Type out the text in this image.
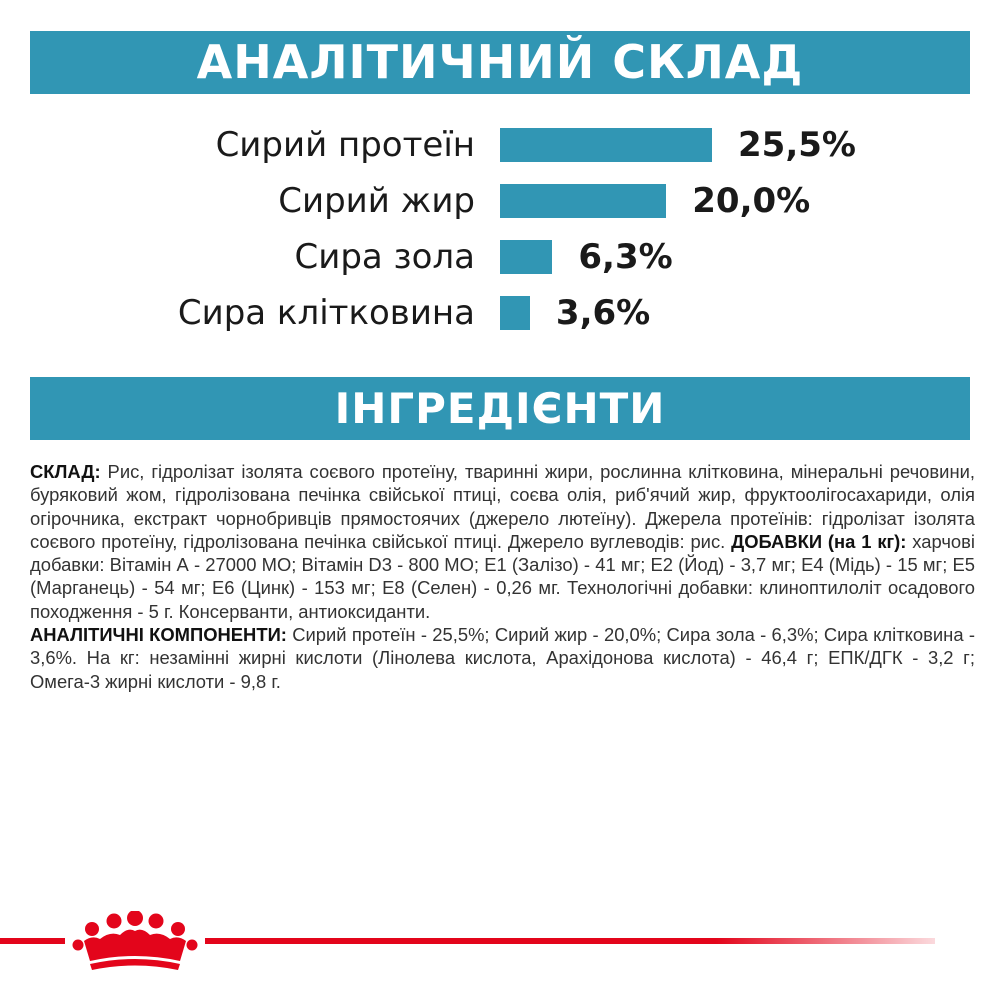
АНАЛІТИЧНИЙ СКЛАД
Сирий протеїн	25,5%
Сирий жир	20,0%
Сира зола	6,3%
Сира клітковина 3,6%
ІНГРЕДІЄНТИ

СКЛАД: Рис, гідролізат ізолята соєвого протеїну, тваринні жири, рослинна клітковина, мінеральні речовини, буряковий жом, гідролізована печінка свійської птиці, соєва олія, риб'ячий жир, фруктоолігосахариди, олія огірочника, екстракт чорнобривців прямостоячих (джерело лютеїну). Джерела протеїнів: гідролізат ізолята соєвого протеїну, гідролізована печінка свійської птиці. Джерело вуглеводів: рис. ДОБАВКИ (на 1 кг): харчові добавки: Вітамін А - 27000 МО; Вітамін D3 - 800 МО; Е1 (Залізо) - 41 мг; Е2 (Йод) - 3,7 мг; Е4 (Мідь) - 15 мг; Е5 (Марганець) - 54 мг; Е6 (Цинк) - 153 мг; Е8 (Селен) - 0,26 мг. Технологічні добавки: клиноптилоліт осадового походження - 5 г. Консерванти, антиоксиданти.

АНАЛІТИЧНІ КОМПОНЕНТИ: Сирий протеїн - 25,5%; Сирий жир - 20,0%; Сира зола - 6,3%; Сира клітковина - 3,6%. На кг: незамінні жирні кислоти (Лінолева кислота, Арахідонова кислота) - 46,4 г; ЕПК/ДГК - 3,2 г; Омега-3 жирні кислоти - 9,8 г.
